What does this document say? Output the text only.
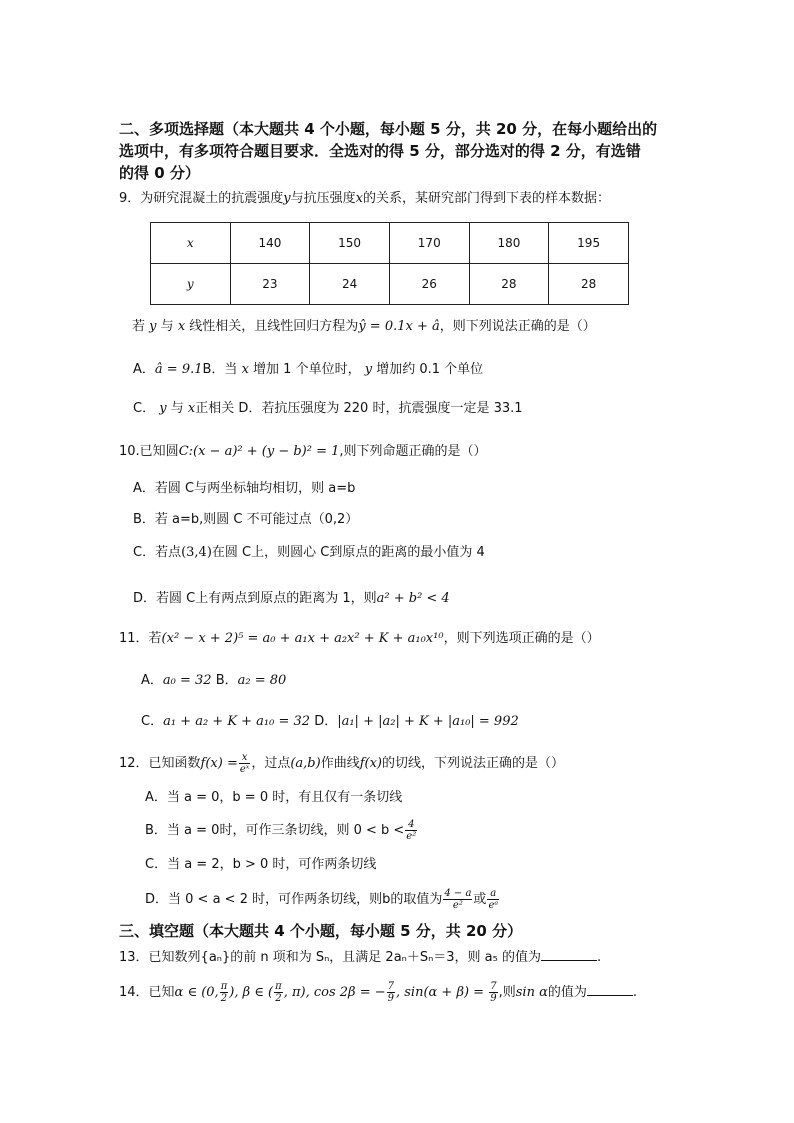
二、多项选择题（本大题共 4 个小题，每小题 5 分，共 20 分，在每小题给出的
选项中，有多项符合题目要求．全选对的得 5 分，部分选对的得 2 分，有选错
的得 0 分）
9．为研究混凝土的抗震强度y与抗压强度x的关系，某研究部门得到下表的样本数据：
x	140	150	170	180	195
y	23	24	26	28	28
若 y 与 x 线性相关，且线性回归方程为ŷ = 0.1x + â，则下列说法正确的是（）
A．â = 9.1B．当 x 增加 1 个单位时， y 增加约 0.1 个单位
C． y 与 x正相关 D．若抗压强度为 220 时，抗震强度一定是 33.1
10.已知圆C:(x − a)² + (y − b)² = 1,则下列命题正确的是（）
A．若圆 C与两坐标轴均相切，则 a=b
B．若 a=b,则圆 C 不可能过点（0,2）
C．若点(3,4)在圆 C上，则圆心 C到原点的距离的最小值为 4
D．若圆 C上有两点到原点的距离为 1，则a² + b² < 4
11．若(x² − x + 2)⁵ = a₀ + a₁x + a₂x² + K + a₁₀x¹⁰，则下列选项正确的是（）
A．a₀ = 32 B．a₂ = 80
C．a₁ + a₂ + K + a₁₀ = 32 D．|a₁| + |a₂| + K + |a₁₀| = 992
12．已知函数$f(x) = \frac{x}{\text{eˣ}}$ ，过点(a,b)作曲线f(x)的切线，下列说法正确的是（）
A．当 a = 0，b = 0 时，有且仅有一条切线
B．当 a = 0时，可作三条切线，则 $0 < b < \frac{4}{\text{e²}}$
C．当 a = 2，b > 0 时，可作两条切线
D．当 0 < a < 2 时，可作两条切线，则b的取值为 $\frac{4 - a}{\text{e²}}$ 或 $\frac{a}{\text{eᵃ}}$
三、填空题（本大题共 4 个小题，每小题 5 分，共 20 分）
13．已知数列{aₙ}的前 n 项和为 Sₙ，且满足 2aₙ＋Sₙ＝3，则 a₅ 的值为	.
14．已知α ∈ (0, $\frac{\pi}{2}$ ), β ∈ ( $\frac{\pi}{2}$ , π), cos 2β = − $\frac{7}{9}$ , $\sin(\alpha + \beta) = \frac{7}{9}$ ,则sin α的值为	.
